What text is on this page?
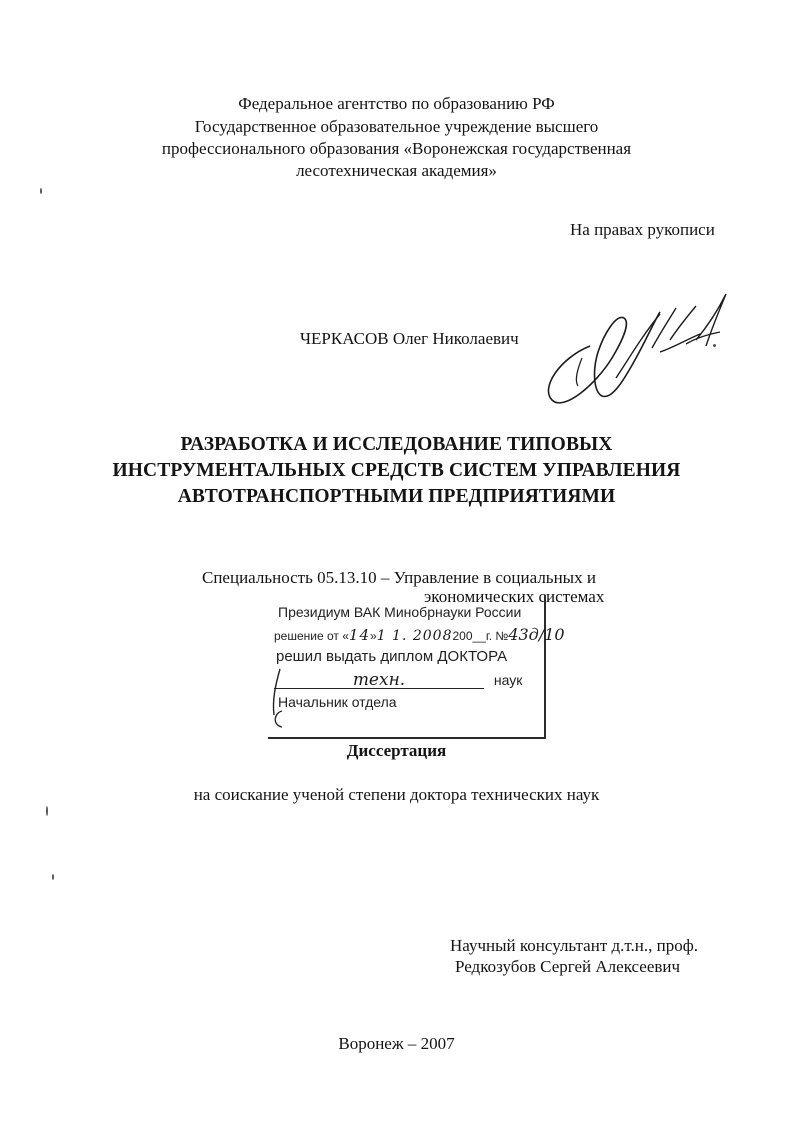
Федеральное агентство по образованию РФ
Государственное образовательное учреждение высшего
профессионального образования «Воронежская государственная
лесотехническая академия»
На правах рукописи
ЧЕРКАСОВ Олег Николаевич
РАЗРАБОТКА И ИССЛЕДОВАНИЕ ТИПОВЫХ
ИНСТРУМЕНТАЛЬНЫХ СРЕДСТВ СИСТЕМ УПРАВЛЕНИЯ
АВТОТРАНСПОРТНЫМИ ПРЕДПРИЯТИЯМИ
Специальность 05.13.10 – Управление в социальных и
экономических системах
Президиум ВАК Минобрнауки России
решение от «14»1 1. 2008200__г. №43д/10
решил выдать диплом ДОКТОРА
техн.	наук
Начальник отдела
Диссертация
на соискание ученой степени доктора технических наук
Научный консультант д.т.н., проф.
Редкозубов Сергей Алексеевич
Воронеж – 2007
